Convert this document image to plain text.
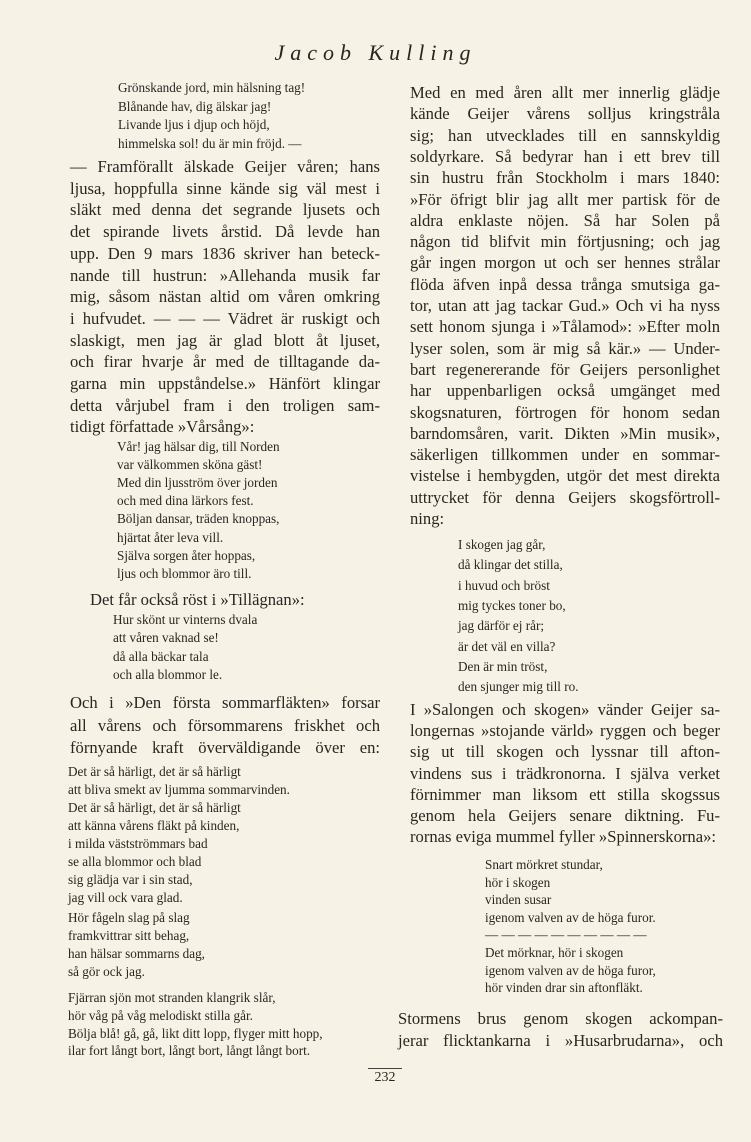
Jacob Kulling
Grönskande jord, min hälsning tag!
Blånande hav, dig älskar jag!
Livande ljus i djup och höjd,
himmelska sol! du är min fröjd. —
— Framförallt älskade Geijer våren; hans
ljusa, hoppfulla sinne kände sig väl mest i
släkt med denna det segrande ljusets och
det spirande livets årstid. Då levde han
upp. Den 9 mars 1836 skriver han beteck-
nande till hustrun: »Allehanda musik far
mig, såsom nästan altid om våren omkring
i hufvudet. — — — Vädret är ruskigt och
slaskigt, men jag är glad blott åt ljuset,
och firar hvarje år med de tilltagande da-
garna min uppståndelse.» Hänfört klingar
detta vårjubel fram i den troligen sam-
tidigt författade »Vårsång»:
Vår! jag hälsar dig, till Norden
var välkommen sköna gäst!
Med din ljusström över jorden
och med dina lärkors fest.
Böljan dansar, träden knoppas,
hjärtat åter leva vill.
Själva sorgen åter hoppas,
ljus och blommor äro till.
Det får också röst i »Tillägnan»:
Hur skönt ur vinterns dvala
att våren vaknad se!
då alla bäckar tala
och alla blommor le.
Och i »Den första sommarfläkten» forsar
all vårens och försommarens friskhet och
förnyande kraft överväldigande över en:
Det är så härligt, det är så härligt
att bliva smekt av ljumma sommarvinden.
Det är så härligt, det är så härligt
att känna vårens fläkt på kinden,
i milda västströmmars bad
se alla blommor och blad
sig glädja var i sin stad,
jag vill ock vara glad.
Hör fågeln slag på slag
framkvittrar sitt behag,
han hälsar sommarns dag,
så gör ock jag.
Fjärran sjön mot stranden klangrik slår,
hör våg på våg melodiskt stilla går.
Bölja blå! gå, gå, likt ditt lopp, flyger mitt hopp,
ilar fort långt bort, långt bort, långt långt bort.
Med en med åren allt mer innerlig glädje
kände Geijer vårens solljus kringstråla
sig; han utvecklades till en sannskyldig
soldyrkare. Så bedyrar han i ett brev till
sin hustru från Stockholm i mars 1840:
»För öfrigt blir jag allt mer partisk för de
aldra enklaste nöjen. Så har Solen på
någon tid blifvit min förtjusning; och jag
går ingen morgon ut och ser hennes strålar
flöda äfven inpå dessa trånga smutsiga ga-
tor, utan att jag tackar Gud.» Och vi ha nyss
sett honom sjunga i »Tålamod»: »Efter moln
lyser solen, som är mig så kär.» — Under-
bart regenererande för Geijers personlighet
har uppenbarligen också umgänget med
skogsnaturen, förtrogen för honom sedan
barndomsåren, varit. Dikten »Min musik»,
säkerligen tillkommen under en sommar-
vistelse i hembygden, utgör det mest direkta
uttrycket för denna Geijers skogsförtroll-
ning:
I skogen jag går,
då klingar det stilla,
i huvud och bröst
mig tyckes toner bo,
jag därför ej rår;
är det väl en villa?
Den är min tröst,
den sjunger mig till ro.
I »Salongen och skogen» vänder Geijer sa-
longernas »stojande värld» ryggen och beger
sig ut till skogen och lyssnar till afton-
vindens sus i trädkronorna. I själva verket
förnimmer man liksom ett stilla skogssus
genom hela Geijers senare diktning. Fu-
rornas eviga mummel fyller »Spinnerskorna»:
Snart mörkret stundar,
hör i skogen
vinden susar
igenom valven av de höga furor.
— — — — — — — — — —
Det mörknar, hör i skogen
igenom valven av de höga furor,
hör vinden drar sin aftonfläkt.
Stormens brus genom skogen ackompan-
jerar flicktankarna i »Husarbrudarna», och
232
